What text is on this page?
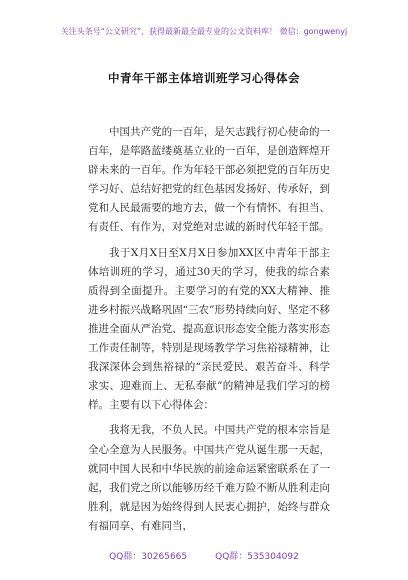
关注头条号“公文研究”，获得最新最全最专业的公文资料库！ 微信：gongwenyj
中青年干部主体培训班学习心得体会

中国共产党的一百年，是矢志践行初心使命的一百年，是筚路蓝缕奠基立业的一百年，是创造辉煌开辟未来的一百年。作为年轻干部必须把党的百年历史学习好、总结好把党的红色基因发扬好、传承好，到党和人民最需要的地方去，做一个有情怀、有担当、有责任、有作为，对党绝对忠诚的新时代年轻干部。

我于X月X日至X月X日参加XX区中青年干部主体培训班的学习，通过30天的学习，使我的综合素质得到全面提升。主要学习的有党的XX大精神、推进乡村振兴战略巩固“三农”形势持续向好、坚定不移推进全面从严治党、提高意识形态安全能力落实形态工作责任制等，特别是现场教学学习焦裕禄精神，让我深深体会到焦裕禄的“亲民爱民、艰苦奋斗、科学求实、迎难而上、无私奉献”的精神是我们学习的榜样。主要有以下心得体会：

我将无我，不负人民。中国共产党的根本宗旨是全心全意为人民服务。中国共产党从诞生那一天起，就同中国人民和中华民族的前途命运紧密联系在了一起，我们党之所以能够历经千难万险不断从胜利走向胜利，就是因为始终得到人民衷心拥护，始终与群众有福同享、有难同当，

QQ群：30265665	QQ群：535304092
